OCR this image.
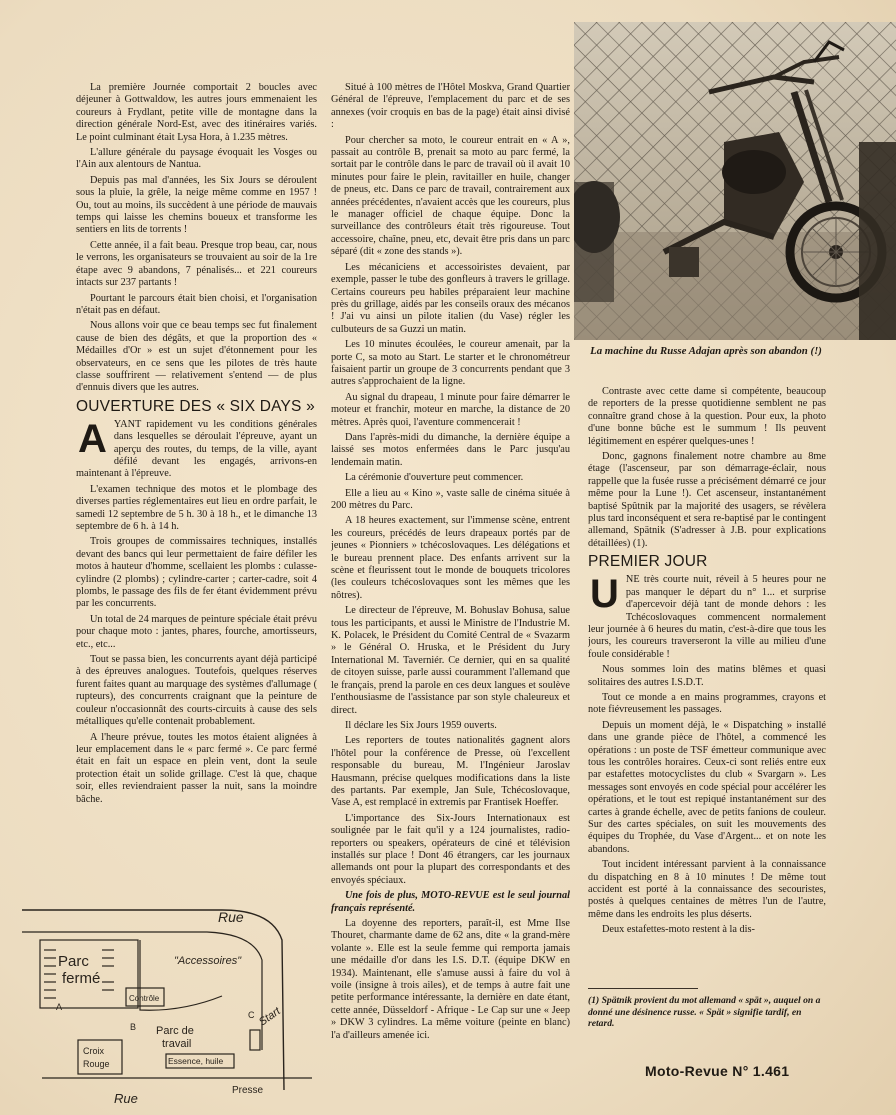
La première Journée comportait 2 boucles avec déjeuner à Gottwaldow, les autres jours emmenaient les coureurs à Frydlant, petite ville de montagne dans la direction générale Nord-Est, avec des itinéraires variés. Le point culminant était Lysa Hora, à 1.235 mètres.

L'allure générale du paysage évoquait les Vosges ou l'Ain aux alentours de Nantua.

Depuis pas mal d'années, les Six Jours se déroulent sous la pluie, la grêle, la neige même comme en 1957 ! Ou, tout au moins, ils succèdent à une période de mauvais temps qui laisse les chemins boueux et transforme les sentiers en lits de torrents !

Cette année, il a fait beau. Presque trop beau, car, nous le verrons, les organisateurs se trouvaient au soir de la 1re étape avec 9 abandons, 7 pénalisés... et 221 coureurs intacts sur 237 partants !

Pourtant le parcours était bien choisi, et l'organisation n'était pas en défaut.

Nous allons voir que ce beau temps sec fut finalement cause de bien des dégâts, et que la proportion des « Médailles d'Or » est un sujet d'étonnement pour les observateurs, en ce sens que les pilotes de très haute classe souffrirent — relativement s'entend — de plus d'ennuis divers que les autres.

OUVERTURE DES « SIX DAYS »

AYANT rapidement vu les conditions générales dans lesquelles se déroulait l'épreuve, ayant un aperçu des routes, du temps, de la ville, ayant défilé devant les engagés, arrivons-en maintenant à l'épreuve.

L'examen technique des motos et le plombage des diverses parties réglementaires eut lieu en ordre parfait, le samedi 12 septembre de 5 h. 30 à 18 h., et le dimanche 13 septembre de 6 h. à 14 h.

Trois groupes de commissaires techniques, installés devant des bancs qui leur permettaient de faire défiler les motos à hauteur d'homme, scellaient les plombs : culasse-cylindre (2 plombs) ; cylindre-carter ; carter-cadre, soit 4 plombs, le passage des fils de fer étant évidemment prévu par les concurrents.

Un total de 24 marques de peinture spéciale était prévu pour chaque moto : jantes, phares, fourche, amortisseurs, etc., etc...

Tout se passa bien, les concurrents ayant déjà participé à des épreuves analogues. Toutefois, quelques réserves furent faites quant au marquage des systèmes d'allumage ( rupteurs), des concurrents craignant que la peinture de couleur n'occasionnât des courts-circuits à cause des sels métalliques qu'elle contenait probablement.

A l'heure prévue, toutes les motos étaient alignées à leur emplacement dans le « parc fermé ». Ce parc fermé était en fait un espace en plein vent, dont la seule protection était un solide grillage. C'est là que, chaque soir, elles reviendraient passer la nuit, sans la moindre bâche.

Situé à 100 mètres de l'Hôtel Moskva, Grand Quartier Général de l'épreuve, l'emplacement du parc et de ses annexes (voir croquis en bas de la page) était ainsi divisé :

Pour chercher sa moto, le coureur entrait en « A », passait au contrôle B, prenait sa moto au parc fermé, la sortait par le contrôle dans le parc de travail où il avait 10 minutes pour faire le plein, ravitailler en huile, changer de pneus, etc. Dans ce parc de travail, contrairement aux années précédentes, n'avaient accès que les coureurs, plus le manager officiel de chaque équipe. Donc la surveillance des contrôleurs était très rigoureuse. Tout accessoire, chaîne, pneu, etc, devait être pris dans un parc séparé (dit « zone des stands »).

Les mécaniciens et accessoiristes devaient, par exemple, passer le tube des gonfleurs à travers le grillage. Certains coureurs peu habiles préparaient leur machine près du grillage, aidés par les conseils oraux des mécanos ! J'ai vu ainsi un pilote italien (du Vase) régler les culbuteurs de sa Guzzi un matin.

Les 10 minutes écoulées, le coureur amenait, par la porte C, sa moto au Start. Le starter et le chronométreur faisaient partir un groupe de 3 concurrents pendant que 3 autres s'approchaient de la ligne.

Au signal du drapeau, 1 minute pour faire démarrer le moteur et franchir, moteur en marche, la distance de 20 mètres. Après quoi, l'aventure commencerait !

Dans l'après-midi du dimanche, la dernière équipe a laissé ses motos enfermées dans le Parc jusqu'au lendemain matin.

La cérémonie d'ouverture peut commencer.

Elle a lieu au « Kino », vaste salle de cinéma située à 200 mètres du Parc.

A 18 heures exactement, sur l'immense scène, entrent les coureurs, précédés de leurs drapeaux portés par de jeunes « Pionniers » tchécoslovaques. Les délégations et le bureau prennent place. Des enfants arrivent sur la scène et fleurissent tout le monde de bouquets tricolores (les couleurs tchécoslovaques sont les mêmes que les nôtres).

Le directeur de l'épreuve, M. Bohuslav Bohusa, salue tous les participants, et aussi le Ministre de l'Industrie M. K. Polacek, le Président du Comité Central de « Svazarm » le Général O. Hruska, et le Président du Jury International M. Taverniér. Ce dernier, qui en sa qualité de citoyen suisse, parle aussi couramment l'allemand que le français, prend la parole en ces deux langues et soulève l'enthousiasme de l'assistance par son style chaleureux et direct.

Il déclare les Six Jours 1959 ouverts.

Les reporters de toutes nationalités gagnent alors l'hôtel pour la conférence de Presse, où l'excellent responsable du bureau, M. l'Ingénieur Jaroslav Hausmann, précise quelques modifications dans la liste des partants. Par exemple, Jan Sule, Tchécoslovaque, Vase A, est remplacé in extremis par Frantisek Hoeffer.

L'importance des Six-Jours Internationaux est soulignée par le fait qu'il y a 124 journalistes, radio-reporters ou speakers, opérateurs de ciné et télévision installés sur place ! Dont 46 étrangers, car les journaux allemands ont pour la plupart des correspondants et des envoyés spéciaux.

Une fois de plus, MOTO-REVUE est le seul journal français représenté.

La doyenne des reporters, paraît-il, est Mme Ilse Thouret, charmante dame de 62 ans, dite « la grand-mère volante ». Elle est la seule femme qui remporta jamais une médaille d'or dans les I.S. D.T. (équipe DKW en 1934). Maintenant, elle s'amuse aussi à faire du vol à voile (insigne à trois ailes), et de temps à autre fait une petite performance intéressante, la dernière en date étant, cette année, Düsseldorf - Afrique - Le Cap sur une « Jeep » DKW 3 cylindres. La même voiture (peinte en blanc) l'a d'ailleurs amenée ici.

La machine du Russe Adajan après son abandon (!)

Contraste avec cette dame si compétente, beaucoup de reporters de la presse quotidienne semblent ne pas connaître grand chose à la question. Pour eux, la photo d'une bonne bûche est le summum ! Ils peuvent légitimement en espérer quelques-unes !

Donc, gagnons finalement notre chambre au 8me étage (l'ascenseur, par son démarrage-éclair, nous rappelle que la fusée russe a précisément démarré ce jour même pour la Lune !). Cet ascenseur, instantanément baptisé Spûtnik par la majorité des usagers, se révèlera plus tard inconséquent et sera re-baptisé par le contingent allemand, Spätnik (S'adresser à J.B. pour explications détaillées) (1).

PREMIER JOUR

UNE très courte nuit, réveil à 5 heures pour ne pas manquer le départ du n° 1... et surprise d'apercevoir déjà tant de monde dehors : les Tchécoslovaques commencent normalement leur journée à 6 heures du matin, c'est-à-dire que tous les jours, les coureurs traverseront la ville au milieu d'une foule considérable !

Nous sommes loin des matins blêmes et quasi solitaires des autres I.S.D.T.

Tout ce monde a en mains programmes, crayons et note fiévreusement les passages.

Depuis un moment déjà, le « Dispatching » installé dans une grande pièce de l'hôtel, a commencé les opérations : un poste de TSF émetteur communique avec tous les contrôles horaires. Ceux-ci sont reliés entre eux par estafettes motocyclistes du club « Svargarn ». Les messages sont envoyés en code spécial pour accélérer les opérations, et le tout est repiqué instantanément sur des cartes à grande échelle, avec de petits fanions de couleur. Sur des cartes spéciales, on suit les mouvements des équipes du Trophée, du Vase d'Argent... et on note les abandons.

Tout incident intéressant parvient à la connaissance du dispatching en 8 à 10 minutes ! De même tout accident est porté à la connaissance des secouristes, postés à quelques centaines de mètres l'un de l'autre, même dans les endroits les plus déserts.

Deux estafettes-moto restent à la dis-

(1) Spätnik provient du mot allemand « spät », auquel on a donné une désinence russe. « Spät » signifie tardif, en retard.
Rue
Parc
fermé
"Accessoires"
Contrôle
B
C
A
Parc de
travail
Start
Croix
Rouge	Essence, huile
Presse
Rue
Moto-Revue N° 1.461
